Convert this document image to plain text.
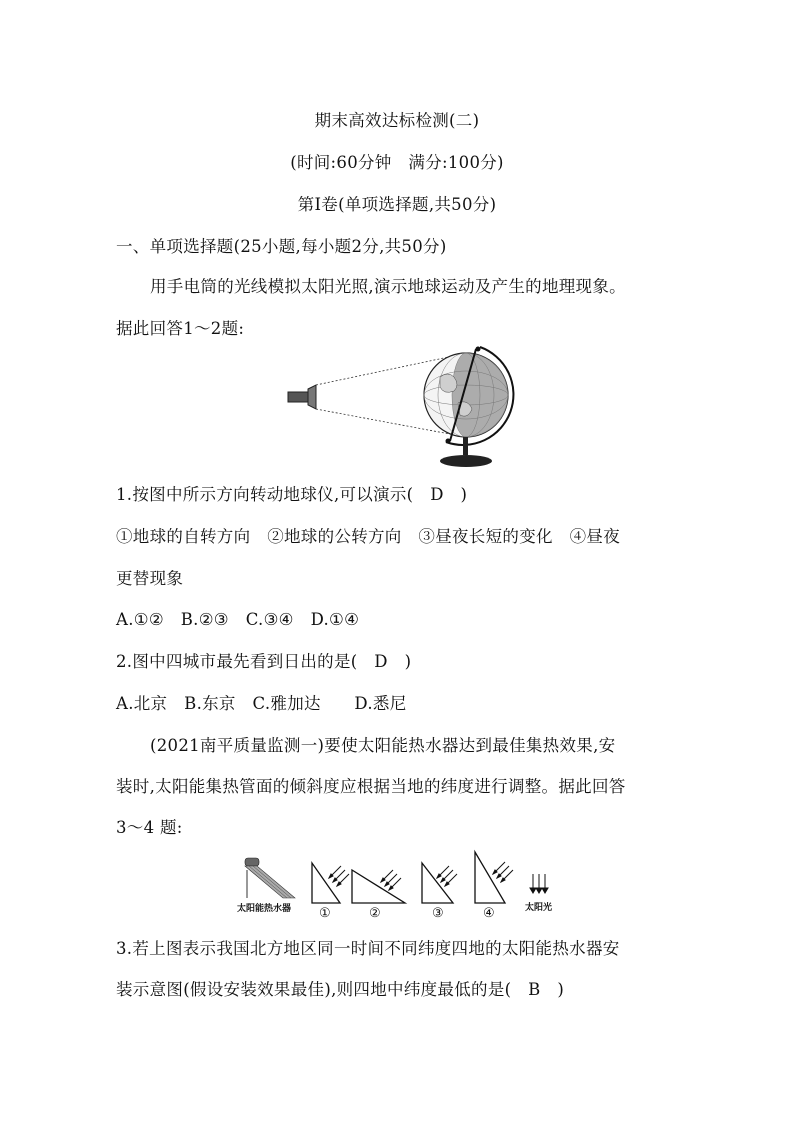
期末高效达标检测(二)
(时间:60分钟　满分:100分)
第Ⅰ卷(单项选择题,共50分)
一、单项选择题(25小题,每小题2分,共50分)
用手电筒的光线模拟太阳光照,演示地球运动及产生的地理现象。
据此回答1～2题:
1.按图中所示方向转动地球仪,可以演示(　D　)
①地球的自转方向　②地球的公转方向　③昼夜长短的变化　④昼夜
更替现象
A.①②　B.②③　C.③④　D.①④
2.图中四城市最先看到日出的是(　D　)
A.北京　B.东京　C.雅加达　　D.悉尼
(2021南平质量监测一)要使太阳能热水器达到最佳集热效果,安
装时,太阳能集热管面的倾斜度应根据当地的纬度进行调整。据此回答
3～4 题:
太阳能热水器	太阳光
①	②	③	④
3.若上图表示我国北方地区同一时间不同纬度四地的太阳能热水器安
装示意图(假设安装效果最佳),则四地中纬度最低的是(　B　)
